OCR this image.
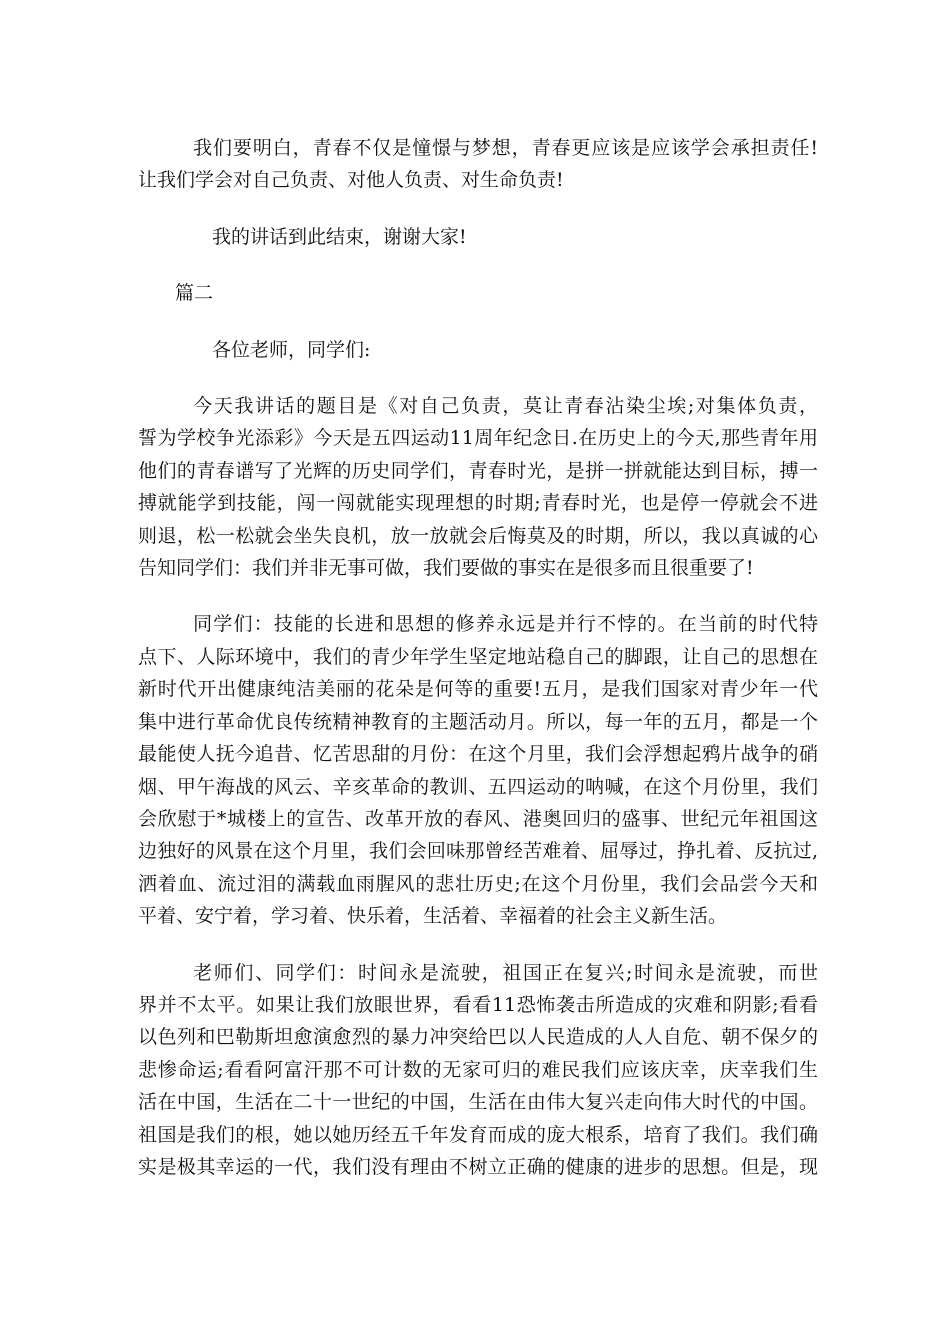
我们要明白，青春不仅是憧憬与梦想，青春更应该是应该学会承担责任!
让我们学会对自己负责、对他人负责、对生命负责!

我的讲话到此结束，谢谢大家!

篇二

各位老师，同学们:

今天我讲话的题目是《对自己负责，莫让青春沾染尘埃;对集体负责，
誓为学校争光添彩》今天是五四运动11周年纪念日.在历史上的今天,那些青年用
他们的青春谱写了光辉的历史同学们，青春时光，是拼一拼就能达到目标，搏一
搏就能学到技能，闯一闯就能实现理想的时期;青春时光，也是停一停就会不进
则退，松一松就会坐失良机，放一放就会后悔莫及的时期，所以，我以真诚的心
告知同学们：我们并非无事可做，我们要做的事实在是很多而且很重要了!
同学们：技能的长进和思想的修养永远是并行不悖的。在当前的时代特
点下、人际环境中，我们的青少年学生坚定地站稳自己的脚跟，让自己的思想在
新时代开出健康纯洁美丽的花朵是何等的重要!五月，是我们国家对青少年一代
集中进行革命优良传统精神教育的主题活动月。所以，每一年的五月，都是一个
最能使人抚今追昔、忆苦思甜的月份：在这个月里，我们会浮想起鸦片战争的硝
烟、甲午海战的风云、辛亥革命的教训、五四运动的呐喊，在这个月份里，我们
会欣慰于*城楼上的宣告、改革开放的春风、港奥回归的盛事、世纪元年祖国这
边独好的风景在这个月里，我们会回味那曾经苦难着、屈辱过，挣扎着、反抗过,
洒着血、流过泪的满载血雨腥风的悲壮历史;在这个月份里，我们会品尝今天和
平着、安宁着，学习着、快乐着，生活着、幸福着的社会主义新生活。
老师们、同学们：时间永是流驶，祖国正在复兴;时间永是流驶，而世
界并不太平。如果让我们放眼世界，看看11恐怖袭击所造成的灾难和阴影;看看
以色列和巴勒斯坦愈演愈烈的暴力冲突给巴以人民造成的人人自危、朝不保夕的
悲惨命运;看看阿富汗那不可计数的无家可归的难民我们应该庆幸，庆幸我们生
活在中国，生活在二十一世纪的中国，生活在由伟大复兴走向伟大时代的中国。
祖国是我们的根，她以她历经五千年发育而成的庞大根系，培育了我们。我们确
实是极其幸运的一代，我们没有理由不树立正确的健康的进步的思想。但是，现
